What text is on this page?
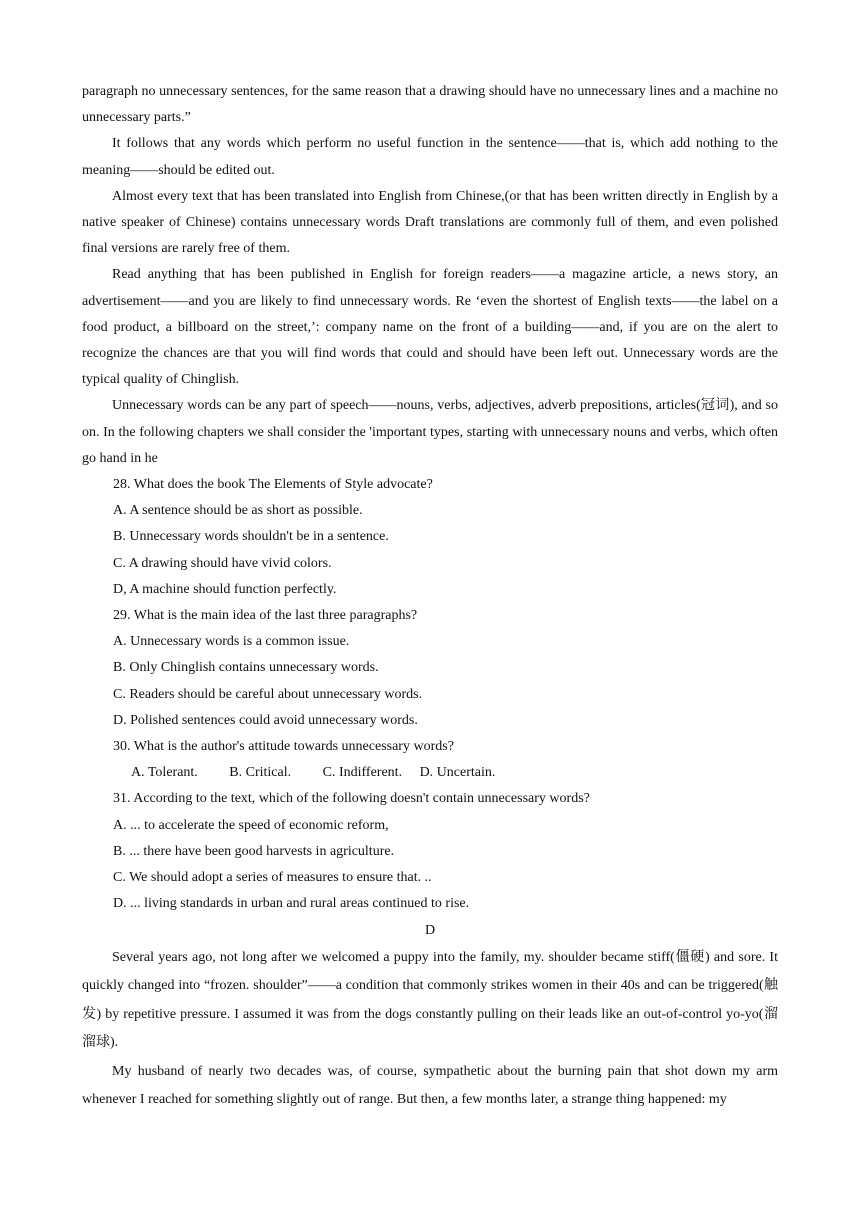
paragraph no unnecessary sentences, for the same reason that a drawing should have no unnecessary lines and a machine no unnecessary parts.”

It follows that any words which perform no useful function in the sentence——that is, which add nothing to the meaning——should be edited out.

Almost every text that has been translated into English from Chinese,(or that has been written directly in English by a native speaker of Chinese) contains unnecessary words Draft translations are commonly full of them, and even polished final versions are rarely free of them.

Read anything that has been published in English for foreign readers——a magazine article, a news story, an advertisement——and you are likely to find unnecessary words. Re ‘even the shortest of English texts——the label on a food product, a billboard on the street,’: company name on the front of a building——and, if you are on the alert to recognize the chances are that you will find words that could and should have been left out. Unnecessary words are the typical quality of Chinglish.

Unnecessary words can be any part of speech——nouns, verbs, adjectives, adverb prepositions, articles(冠词), and so on. In the following chapters we shall consider the 'important types, starting with unnecessary nouns and verbs, which often go hand in he

28. What does the book The Elements of Style advocate?

A. A sentence should be as short as possible.

B. Unnecessary words shouldn't be in a sentence.

C. A drawing should have vivid colors.

D, A machine should function perfectly.

29. What is the main idea of the last three paragraphs?

A. Unnecessary words is a common issue.

B. Only Chinglish contains unnecessary words.

C. Readers should be careful about unnecessary words.

D. Polished sentences could avoid unnecessary words.

30. What is the author's attitude towards unnecessary words?

A. Tolerant.         B. Critical.         C. Indifferent.     D. Uncertain.

31. According to the text, which of the following doesn't contain unnecessary words?

A. ... to accelerate the speed of economic reform,

B. ... there have been good harvests in agriculture.

C. We should adopt a series of measures to ensure that. ..

D. ... living standards in urban and rural areas continued to rise.

D

Several years ago, not long after we welcomed a puppy into the family, my. shoulder became stiff(僵硬) and sore. It quickly changed into “frozen. shoulder”——a condition that commonly strikes women in their 40s and can be triggered(触发) by repetitive pressure. I assumed it was from the dogs constantly pulling on their leads like an out-of-control yo-yo(溜溜球).

My husband of nearly two decades was, of course, sympathetic about the burning pain that shot down my arm whenever I reached for something slightly out of range. But then, a few months later, a strange thing happened: my
